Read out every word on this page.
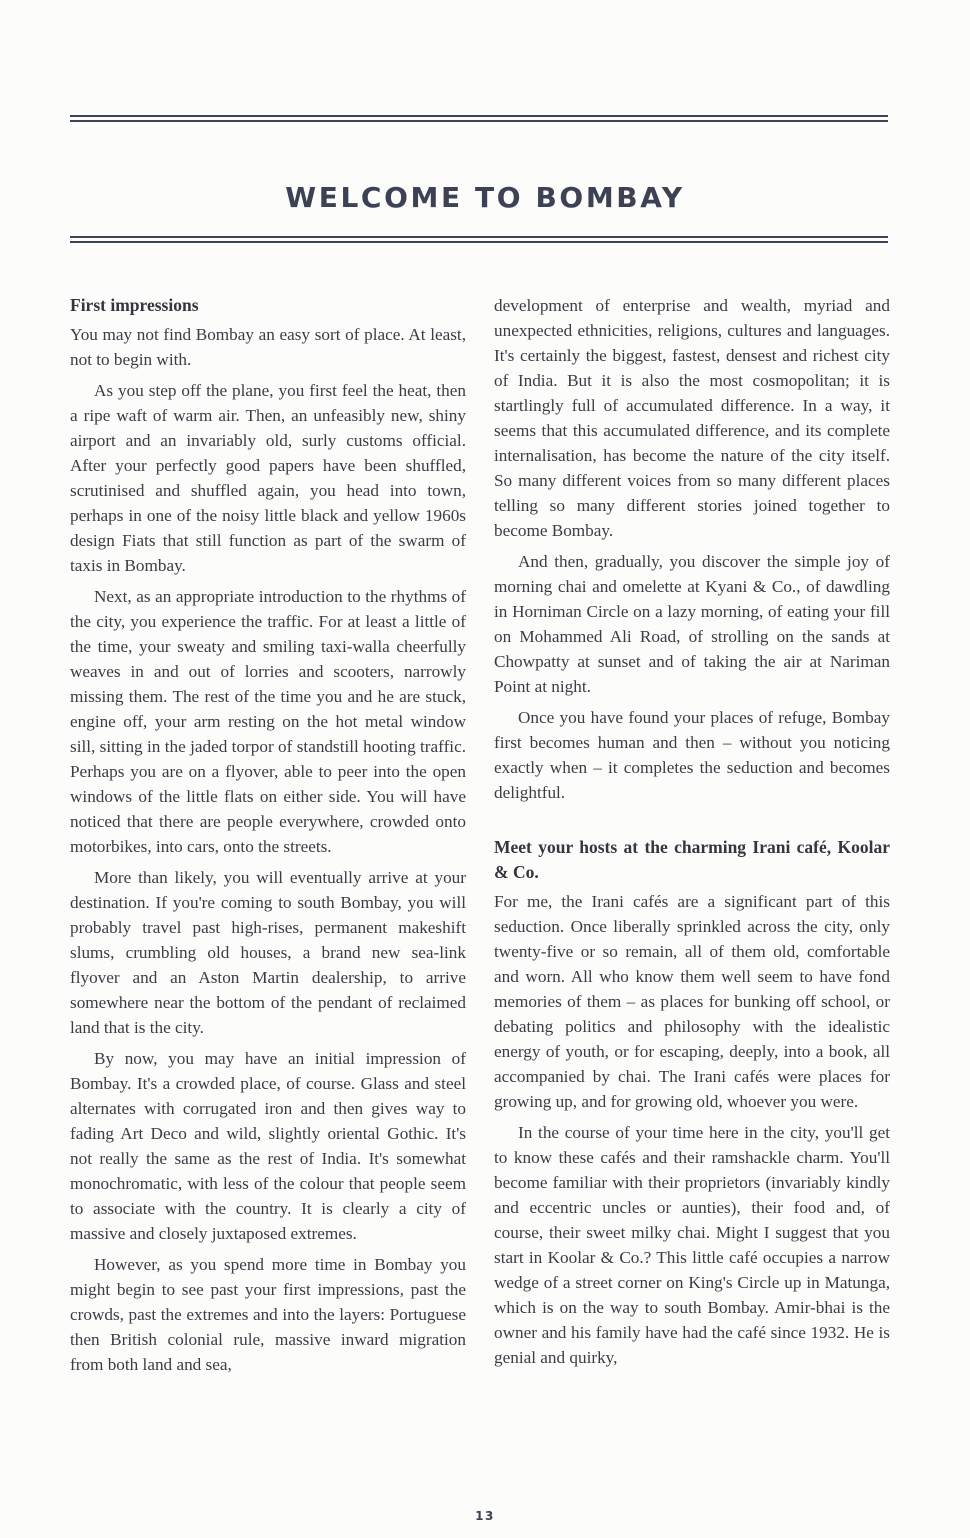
WELCOME TO BOMBAY
First impressions

You may not find Bombay an easy sort of place. At least, not to begin with.

As you step off the plane, you first feel the heat, then a ripe waft of warm air. Then, an unfeasibly new, shiny airport and an invariably old, surly customs official. After your perfectly good papers have been shuffled, scrutinised and shuffled again, you head into town, perhaps in one of the noisy little black and yellow 1960s design Fiats that still function as part of the swarm of taxis in Bombay.

Next, as an appropriate introduction to the rhythms of the city, you experience the traffic. For at least a little of the time, your sweaty and smiling taxi-walla cheerfully weaves in and out of lorries and scooters, narrowly missing them. The rest of the time you and he are stuck, engine off, your arm resting on the hot metal window sill, sitting in the jaded torpor of standstill hooting traffic. Perhaps you are on a flyover, able to peer into the open windows of the little flats on either side. You will have noticed that there are people everywhere, crowded onto motorbikes, into cars, onto the streets.

More than likely, you will eventually arrive at your destination. If you're coming to south Bombay, you will probably travel past high-rises, permanent makeshift slums, crumbling old houses, a brand new sea-link flyover and an Aston Martin dealership, to arrive somewhere near the bottom of the pendant of reclaimed land that is the city.

By now, you may have an initial impression of Bombay. It's a crowded place, of course. Glass and steel alternates with corrugated iron and then gives way to fading Art Deco and wild, slightly oriental Gothic. It's not really the same as the rest of India. It's somewhat monochromatic, with less of the colour that people seem to associate with the country. It is clearly a city of massive and closely juxtaposed extremes.

However, as you spend more time in Bombay you might begin to see past your first impressions, past the crowds, past the extremes and into the layers: Portuguese then British colonial rule, massive inward migration from both land and sea,

development of enterprise and wealth, myriad and unexpected ethnicities, religions, cultures and languages. It's certainly the biggest, fastest, densest and richest city of India. But it is also the most cosmopolitan; it is startlingly full of accumulated difference. In a way, it seems that this accumulated difference, and its complete internalisation, has become the nature of the city itself. So many different voices from so many different places telling so many different stories joined together to become Bombay.

And then, gradually, you discover the simple joy of morning chai and omelette at Kyani & Co., of dawdling in Horniman Circle on a lazy morning, of eating your fill on Mohammed Ali Road, of strolling on the sands at Chowpatty at sunset and of taking the air at Nariman Point at night.

Once you have found your places of refuge, Bombay first becomes human and then – without you noticing exactly when – it completes the seduction and becomes delightful.

Meet your hosts at the charming Irani café, Koolar & Co.

For me, the Irani cafés are a significant part of this seduction. Once liberally sprinkled across the city, only twenty-five or so remain, all of them old, comfortable and worn. All who know them well seem to have fond memories of them – as places for bunking off school, or debating politics and philosophy with the idealistic energy of youth, or for escaping, deeply, into a book, all accompanied by chai. The Irani cafés were places for growing up, and for growing old, whoever you were.

In the course of your time here in the city, you'll get to know these cafés and their ramshackle charm. You'll become familiar with their proprietors (invariably kindly and eccentric uncles or aunties), their food and, of course, their sweet milky chai. Might I suggest that you start in Koolar & Co.? This little café occupies a narrow wedge of a street corner on King's Circle up in Matunga, which is on the way to south Bombay. Amir-bhai is the owner and his family have had the café since 1932. He is genial and quirky,

13
